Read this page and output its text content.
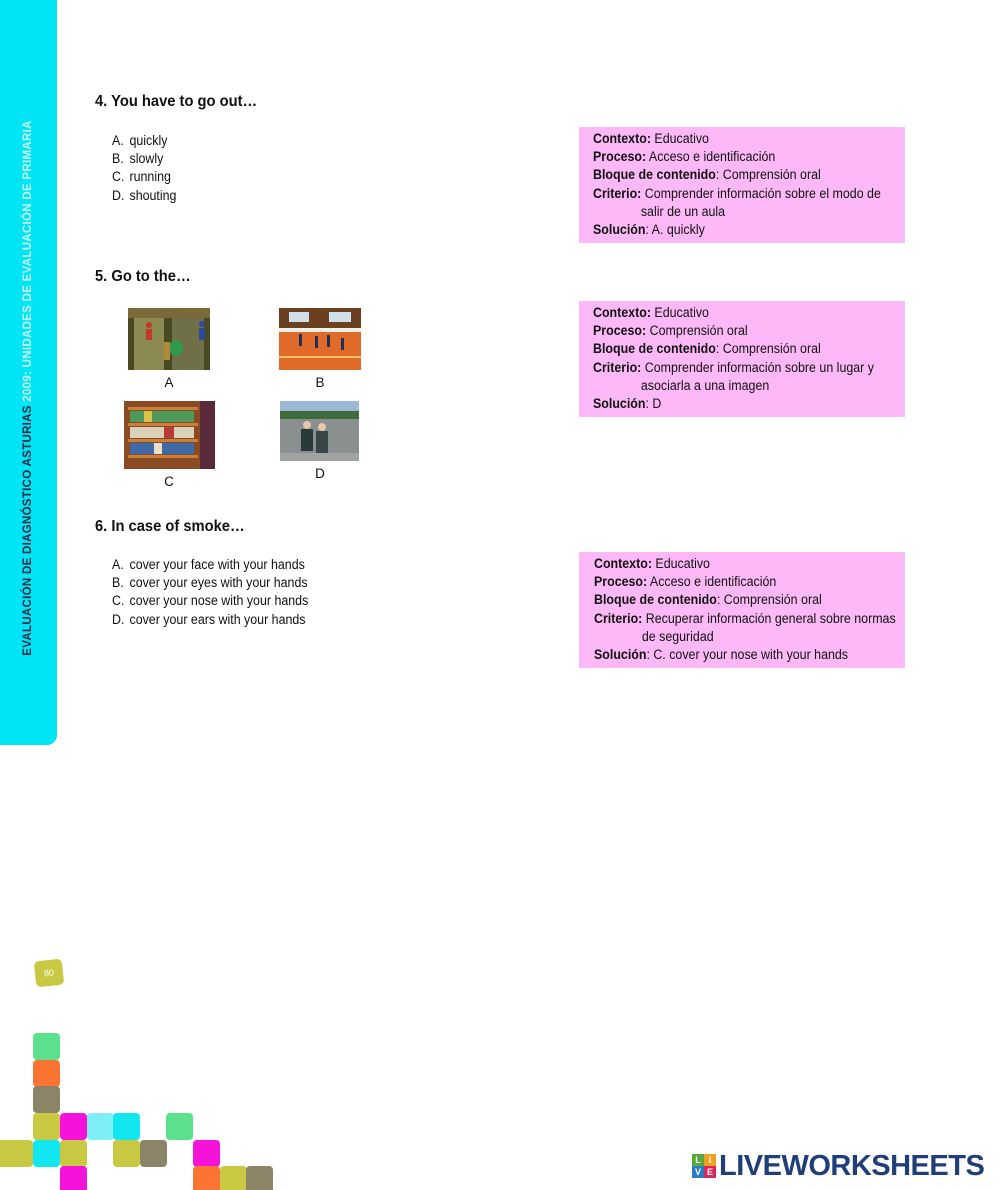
EVALUACIÓN DE DIAGNÓSTICO ASTURIAS 2009: UNIDADES DE EVALUACIÓN DE PRIMARIA
4. You have to go out…
A. quickly
B. slowly
C. running
D. shouting
Contexto: Educativo
Proceso: Acceso e identificación
Bloque de contenido: Comprensión oral
Criterio: Comprender información sobre el modo de
salir de un aula
Solución: A. quickly
5. Go to the…
A	B
C
D
Contexto: Educativo
Proceso: Comprensión oral
Bloque de contenido: Comprensión oral
Criterio: Comprender información sobre un lugar y
asociarla a una imagen
Solución: D
6. In case of smoke…
A. cover your face with your hands
B. cover your eyes with your hands
C. cover your nose with your hands
D. cover your ears with your hands
Contexto: Educativo
Proceso: Acceso e identificación
Bloque de contenido: Comprensión oral
Criterio: Recuperar información general sobre normas
de seguridad
Solución: C. cover your nose with your hands
80
L I
V E LIVEWORKSHEETS
